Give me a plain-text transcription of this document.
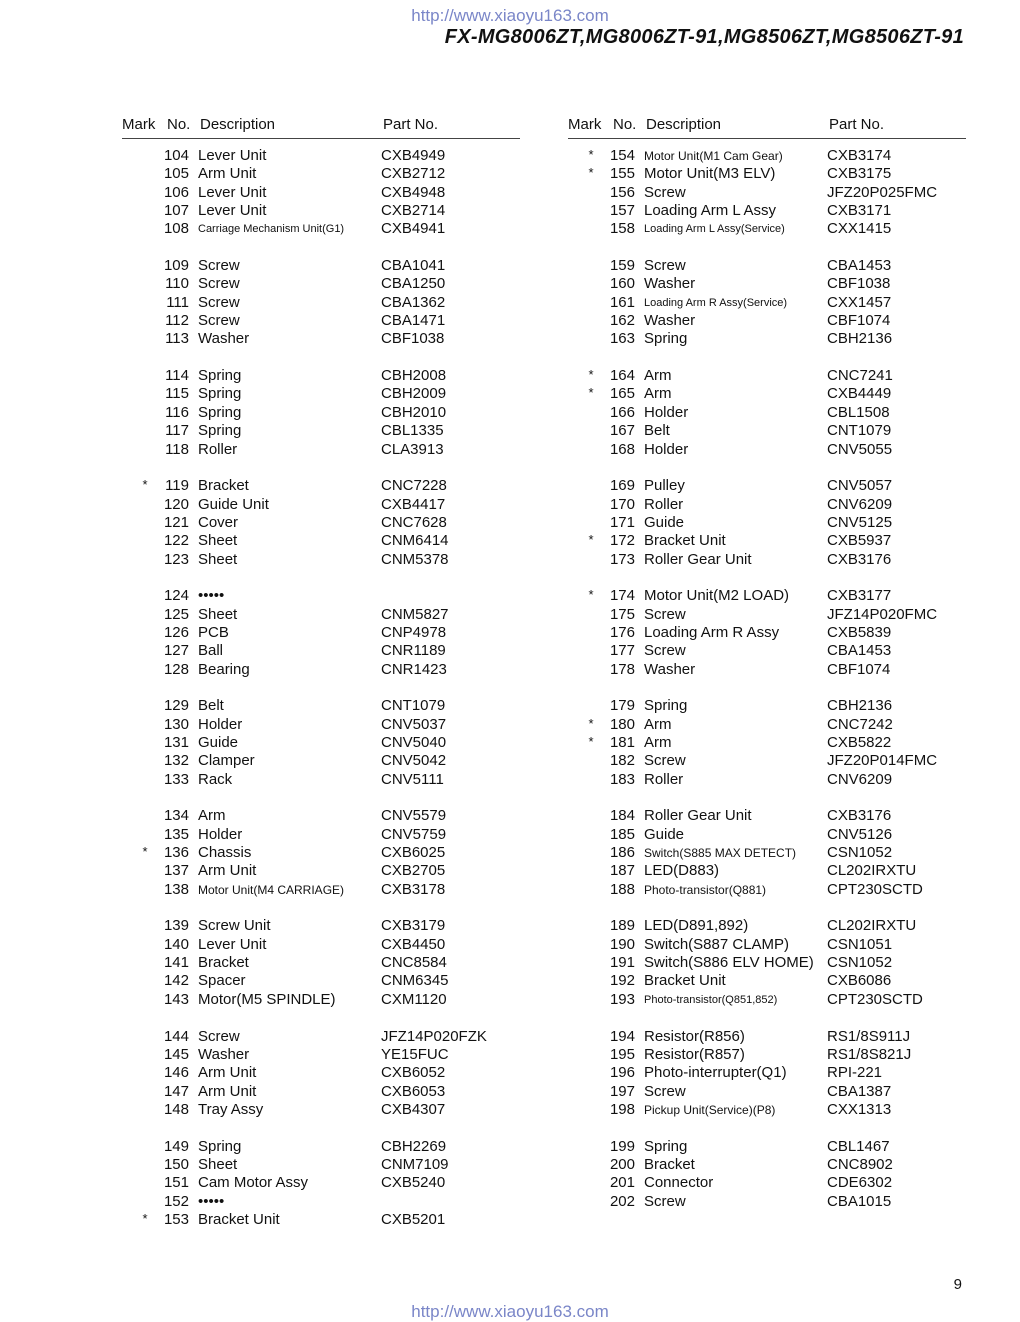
http://www.xiaoyu163.com
FX-MG8006ZT,MG8006ZT-91,MG8506ZT,MG8506ZT-91
Mark No. Description	Part No.
104 Lever Unit	CXB4949
105 Arm Unit	CXB2712
106 Lever Unit	CXB4948
107 Lever Unit	CXB2714
108 Carriage Mechanism Unit(G1) CXB4941
109 Screw	CBA1041
110 Screw	CBA1250
111 Screw	CBA1362
112 Screw	CBA1471
113 Washer	CBF1038
114 Spring	CBH2008
115 Spring	CBH2009
116 Spring	CBH2010
117 Spring	CBL1335
118 Roller	CLA3913
*	119 Bracket	CNC7228
120 Guide Unit	CXB4417
121 Cover	CNC7628
122 Sheet	CNM6414
123 Sheet	CNM5378
124 •••••
125 Sheet	CNM5827
126 PCB	CNP4978
127 Ball	CNR1189
128 Bearing	CNR1423
129 Belt	CNT1079
130 Holder	CNV5037
131 Guide	CNV5040
132 Clamper	CNV5042
133 Rack	CNV5111
134 Arm	CNV5579
135 Holder	CNV5759
* 136 Chassis	CXB6025
137 Arm Unit	CXB2705
138 Motor Unit(M4 CARRIAGE) CXB3178
139 Screw Unit	CXB3179
140 Lever Unit	CXB4450
141 Bracket	CNC8584
142 Spacer	CNM6345
143 Motor(M5 SPINDLE)	CXM1120
144 Screw	JFZ14P020FZK
145 Washer	YE15FUC
146 Arm Unit	CXB6052
147 Arm Unit	CXB6053
148 Tray Assy	CXB4307
149 Spring	CBH2269
150 Sheet	CNM7109
151 Cam Motor Assy	CXB5240
152 •••••
* 153 Bracket Unit	CXB5201
Mark No. Description	Part No.
* 154 Motor Unit(M1 Cam Gear)	CXB3174
* 155 Motor Unit(M3 ELV)	CXB3175
156 Screw	JFZ20P025FMC
157 Loading Arm L Assy	CXB3171
158 Loading Arm L Assy(Service)	CXX1415
159 Screw	CBA1453
160 Washer	CBF1038
161 Loading Arm R Assy(Service)	CXX1457
162 Washer	CBF1074
163 Spring	CBH2136
* 164 Arm	CNC7241
* 165 Arm	CXB4449
166 Holder	CBL1508
167 Belt	CNT1079
168 Holder	CNV5055
169 Pulley	CNV5057
170 Roller	CNV6209
171 Guide	CNV5125
* 172 Bracket Unit	CXB5937
173 Roller Gear Unit	CXB3176
* 174 Motor Unit(M2 LOAD)	CXB3177
175 Screw	JFZ14P020FMC
176 Loading Arm R Assy	CXB5839
177 Screw	CBA1453
178 Washer	CBF1074
179 Spring	CBH2136
* 180 Arm	CNC7242
* 181 Arm	CXB5822
182 Screw	JFZ20P014FMC
183 Roller	CNV6209
184 Roller Gear Unit	CXB3176
185 Guide	CNV5126
186 Switch(S885 MAX DETECT) CSN1052
187 LED(D883)	CL202IRXTU
188 Photo-transistor(Q881)	CPT230SCTD
189 LED(D891,892)	CL202IRXTU
190 Switch(S887 CLAMP)	CSN1051
191 Switch(S886 ELV HOME) CSN1052
192 Bracket Unit	CXB6086
193 Photo-transistor(Q851,852)	CPT230SCTD
194 Resistor(R856)	RS1/8S911J
195 Resistor(R857)	RS1/8S821J
196 Photo-interrupter(Q1)	RPI-221
197 Screw	CBA1387
198 Pickup Unit(Service)(P8)	CXX1313
199 Spring	CBL1467
200 Bracket	CNC8902
201 Connector	CDE6302
202 Screw	CBA1015
9
http://www.xiaoyu163.com
